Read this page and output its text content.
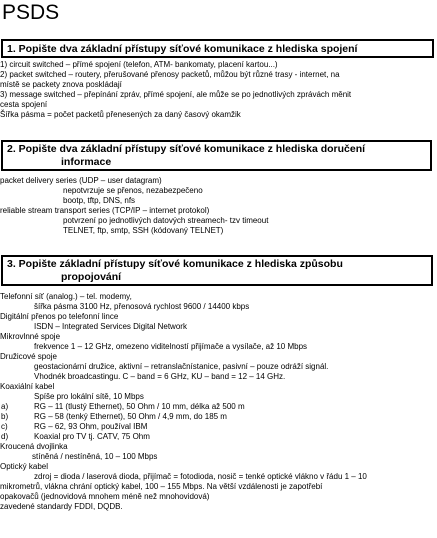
PSDS
1. Popište dva základní přístupy síťové komunikace z hlediska spojení
1) circuit switched – přímé spojení (telefon, ATM- bankomaty, placení kartou...)
2) packet switched – routery, přerušované přenosy packetů, můžou být různé trasy - internet, na
místě se packety znova poskládají
3) message switched – přepínání zpráv, přímé spojení, ale může se po jednotlivých zprávách měnit
cesta spojení
Šířka pásma = počet packetů přenesených za daný časový okamžik
2. Popište dva základní přístupy síťové komunikace z hlediska doručení
informace
packet delivery series (UDP – user datagram)
nepotvrzuje se přenos, nezabezpečeno
bootp, tftp, DNS, nfs
reliable stream transport series (TCP/IP – internet protokol)
potvrzení po jednotlivých datových streamech- tzv timeout
TELNET, ftp, smtp, SSH (kódovaný TELNET)
3. Popište základní přístupy síťové komunikace z hlediska způsobu
propojování
Telefonní síť (analog.) – tel. modemy,
šířka pásma 3100 Hz, přenosová rychlost 9600 / 14400 kbps
Digitální přenos po telefonní lince
ISDN – Integrated Services Digital Network
Mikrovlnné spoje
frekvence 1 – 12 GHz, omezeno viditelností přijímače a vysílače, až 10 Mbps
Družicové spoje
geostacionární družice, aktivní – retranslačnístanice, pasivní – pouze odráží signál.
Vhodnék broadcastingu. C – band = 6 GHz, KU – band = 12 – 14 GHz.
Koaxiální kabel
Spíše pro lokální sítě, 10 Mbps
a)	RG – 11 (tlustý Ethernet), 50 Ohm / 10 mm, délka až 500 m
b)	RG – 58 (tenký Ethernet), 50 Ohm / 4,9 mm, do 185 m
c)	RG – 62, 93 Ohm, používal IBM
d)	Koaxial pro TV tj. CATV, 75 Ohm
Kroucená dvojlinka
stíněná / nestíněná, 10 – 100 Mbps
Optický kabel
zdroj = dioda / laserová dioda, přijímač = fotodioda, nosič = tenké optické vlákno v řádu 1 – 10
mikrometrů, vlákna chrání optický kabel, 100 – 155 Mbps. Na větší vzdálenosti je zapotřebí
opakovačů (jednovidová mnohem méně než mnohovidová)
zavedené standardy FDDI, DQDB.
